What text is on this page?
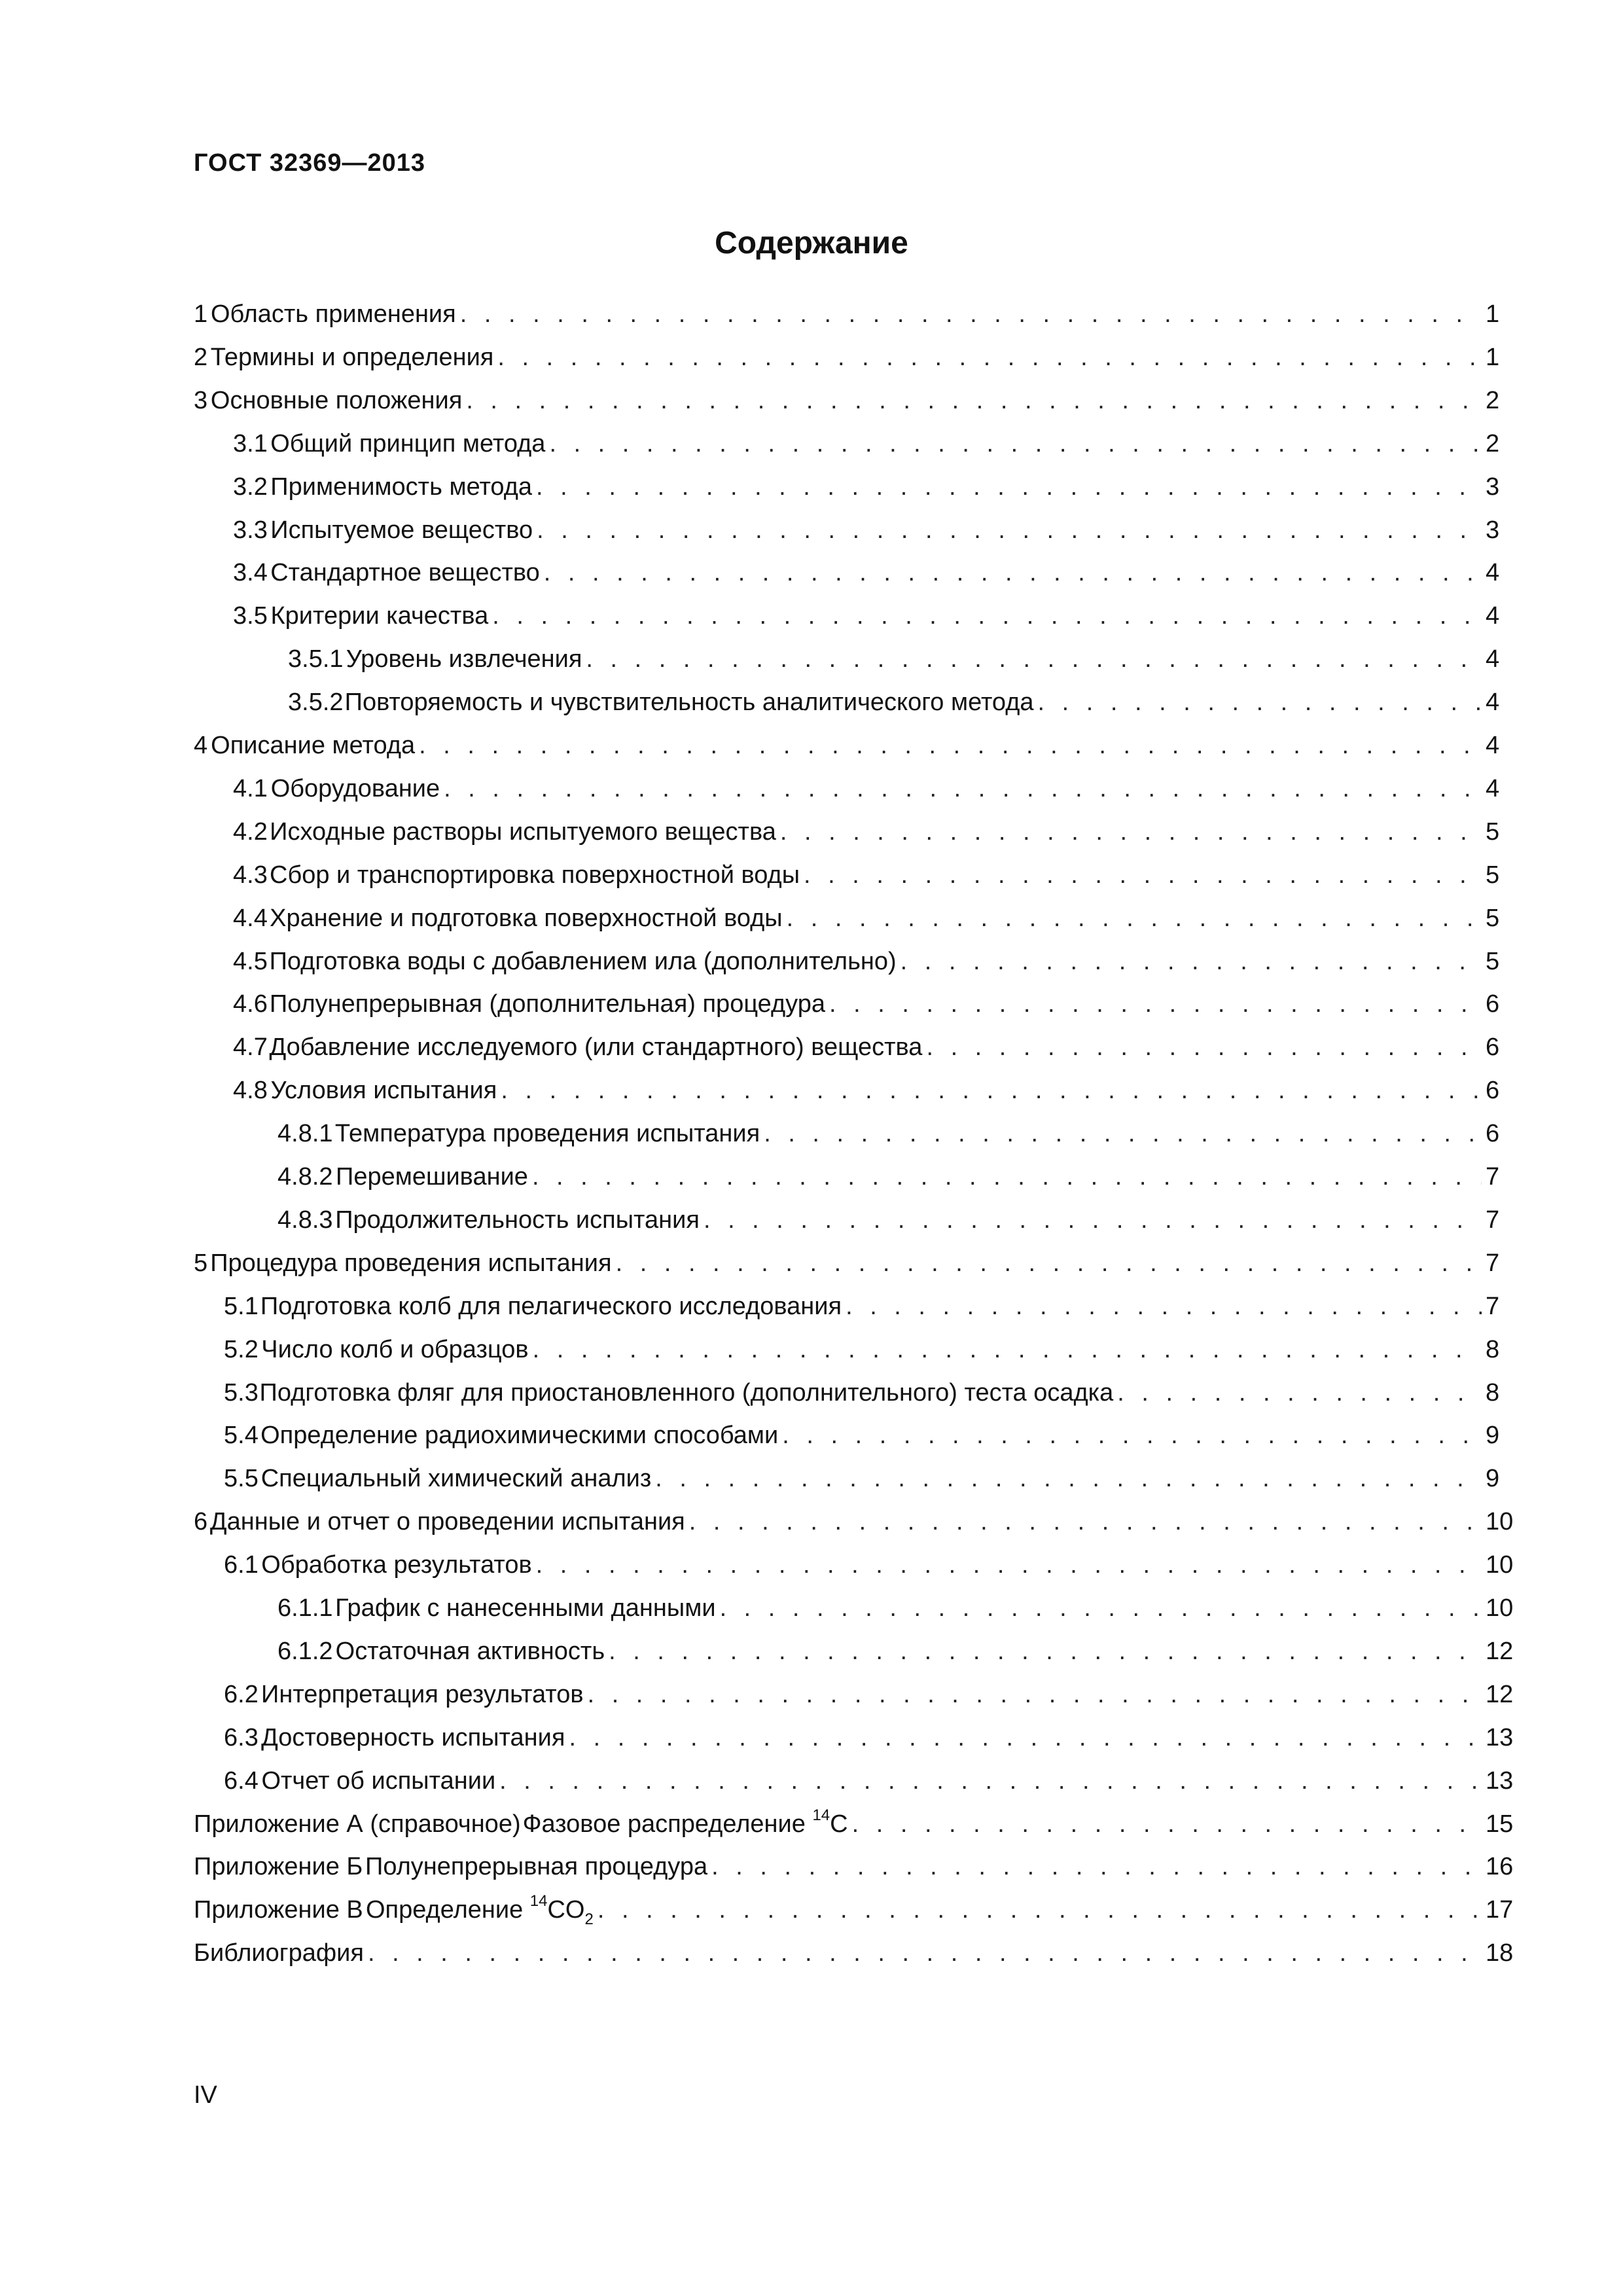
ГОСТ 32369—2013
Содержание
1 Область применения . . .	1
2 Термины и определения . . .	1
3 Основные положения . . .	2
3.1 Общий принцип метода . . .	2
3.2 Применимость метода . . .	3
3.3 Испытуемое вещество . . .	3
3.4 Стандартное вещество . . .	4
3.5 Критерии качества . . .	4
3.5.1 Уровень извлечения . . .	4
3.5.2 Повторяемость и чувствительность аналитического метода . . .	4
4 Описание метода . . .	4
4.1 Оборудование . . .	4
4.2 Исходные растворы испытуемого вещества . . .	5
4.3 Сбор и транспортировка поверхностной воды . . .	5
4.4 Хранение и подготовка поверхностной воды . . .	5
4.5 Подготовка воды с добавлением ила (дополнительно) . . .	5
4.6 Полунепрерывная (дополнительная) процедура . . .	6
4.7 Добавление исследуемого (или стандартного) вещества . . .	6
4.8 Условия испытания . . .	6
4.8.1 Температура проведения испытания . . .	6
4.8.2 Перемешивание . . .	7
4.8.3 Продолжительность испытания . . .	7
5 Процедура проведения испытания . . .	7
5.1 Подготовка колб для пелагического исследования . . .	7
5.2 Число колб и образцов . . .	8
5.3 Подготовка фляг для приостановленного (дополнительного) теста осадка . . .	8
5.4 Определение радиохимическими способами . . .	9
5.5 Специальный химический анализ . . .	9
6 Данные и отчет о проведении испытания . . .	10
6.1 Обработка результатов . . .	10
6.1.1 График с нанесенными данными . . .	10
6.1.2 Остаточная активность . . .	12
6.2 Интерпретация результатов . . .	12
6.3 Достоверность испытания . . .	13
6.4 Отчет об испытании . . .	13
Приложение А (справочное) Фазовое распределение $^{14}$С . . .	15
Приложение Б Полунепрерывная процедура . . .	16
Приложение В Определение $^{14}CO_2$ . . .	17
Библиография . . .	18
IV
